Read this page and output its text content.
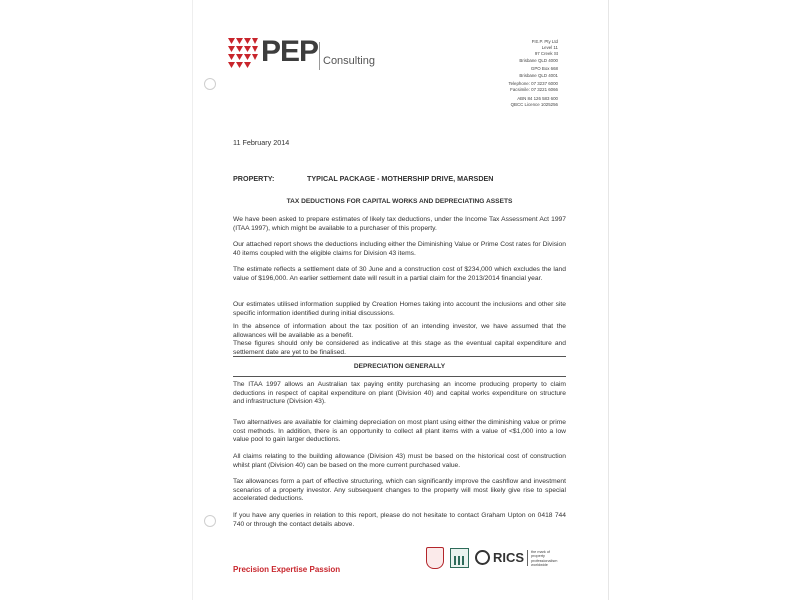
PEP Consulting
P.E.P. Pty Ltd
Level 11
97 Creek St
Brisbane QLD 4000
GPO Box 668
Brisbane QLD 4001
Telephone: 07 3237 6000
Facsimile: 07 3221 6066
ABN 84 126 583 600
QBCC Licence 1025256
11 February 2014
PROPERTY:	TYPICAL PACKAGE - MOTHERSHIP DRIVE, MARSDEN
TAX DEDUCTIONS FOR CAPITAL WORKS AND DEPRECIATING ASSETS
We have been asked to prepare estimates of likely tax deductions, under the Income Tax Assessment Act 1997 (ITAA 1997), which might be available to a purchaser of this property.
Our attached report shows the deductions including either the Diminishing Value or Prime Cost rates for Division 40 items coupled with the eligible claims for Division 43 items.
The estimate reflects a settlement date of 30 June and a construction cost of $234,000 which excludes the land value of $196,000. An earlier settlement date will result in a partial claim for the 2013/2014 financial year.
Our estimates utilised information supplied by Creation Homes taking into account the inclusions and other site specific information identified during initial discussions.
In the absence of information about the tax position of an intending investor, we have assumed that the allowances will be available as a benefit.
These figures should only be considered as indicative at this stage as the eventual capital expenditure and settlement date are yet to be finalised.
DEPRECIATION GENERALLY
The ITAA 1997 allows an Australian tax paying entity purchasing an income producing property to claim deductions in respect of capital expenditure on plant (Division 40) and capital works expenditure on structure and infrastructure (Division 43).
Two alternatives are available for claiming depreciation on most plant using either the diminishing value or prime cost methods. In addition, there is an opportunity to collect all plant items with a value of <$1,000 into a low value pool to gain larger deductions.
All claims relating to the building allowance (Division 43) must be based on the historical cost of construction whilst plant (Division 40) can be based on the more current purchased value.
Tax allowances form a part of effective structuring, which can significantly improve the cashflow and investment scenarios of a property investor. Any subsequent changes to the property will most likely give rise to special accelerated deductions.
If you have any queries in relation to this report, please do not hesitate to contact Graham Upton on 0418 744 740 or through the contact details above.
Precision Expertise Passion
RICS the mark of
property
professionalism
worldwide
